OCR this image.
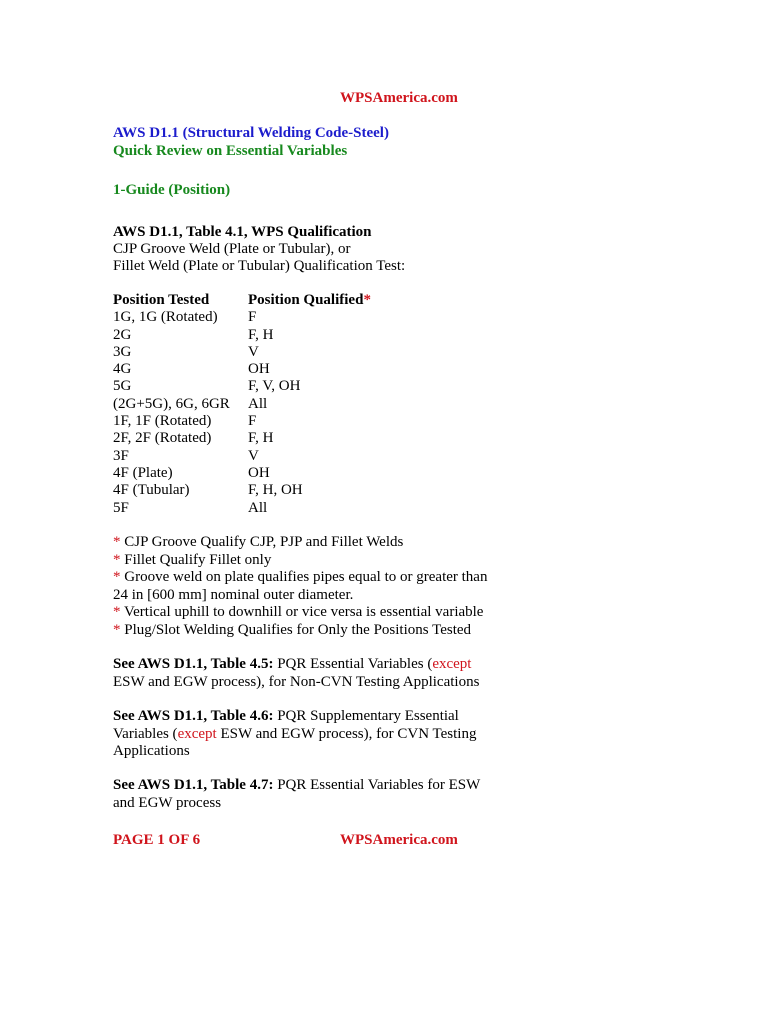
WPSAmerica.com
AWS D1.1 (Structural Welding Code-Steel)
Quick Review on Essential Variables
1-Guide (Position)
AWS D1.1, Table 4.1, WPS Qualification
CJP Groove Weld (Plate or Tubular), or
Fillet Weld (Plate or Tubular) Qualification Test:
Position Tested	Position Qualified*
1G, 1G (Rotated)	F
2G	F, H
3G	V
4G	OH
5G	F, V, OH
(2G+5G), 6G, 6GR	All
1F, 1F (Rotated)	F
2F, 2F (Rotated)	F, H
3F	V
4F (Plate)	OH
4F (Tubular)	F, H, OH
5F	All
* CJP Groove Qualify CJP, PJP and Fillet Welds
* Fillet Qualify Fillet only
* Groove weld on plate qualifies pipes equal to or greater than
24 in [600 mm] nominal outer diameter.
* Vertical uphill to downhill or vice versa is essential variable
* Plug/Slot Welding Qualifies for Only the Positions Tested
See AWS D1.1, Table 4.5: PQR Essential Variables (except
ESW and EGW process), for Non-CVN Testing Applications
See AWS D1.1, Table 4.6: PQR Supplementary Essential
Variables (except ESW and EGW process), for CVN Testing
Applications
See AWS D1.1, Table 4.7: PQR Essential Variables for ESW
and EGW process
PAGE 1 OF 6	WPSAmerica.com
